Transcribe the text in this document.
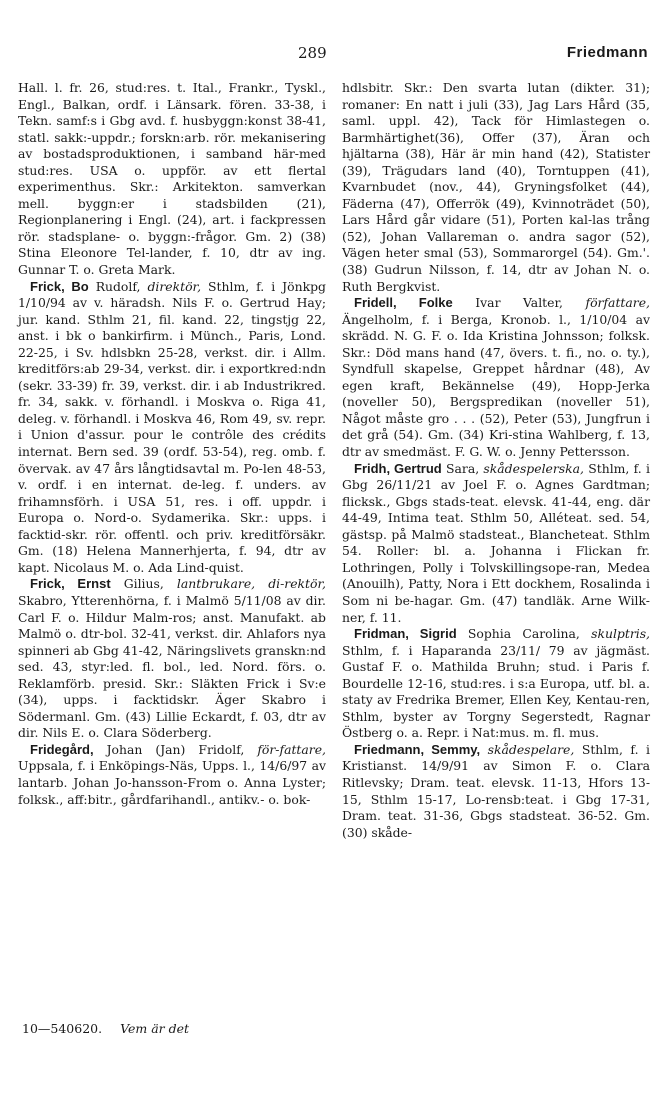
289	Friedmann

Hall. l. fr. 26, stud:res. t. Ital., Frankr., Tyskl., Engl., Balkan, ordf. i Länsark. fören. 33-38, i Tekn. samf:s i Gbg avd. f. husbyggn:konst 38-41, statl. sakk:-uppdr.; forskn:arb. rör. mekanisering av bostadsproduktionen, i samband här-med stud:res. USA o. uppför. av ett flertal experimenthus. Skr.: Arkitekton. samverkan mell. byggn:er i stadsbilden (21), Regionplanering i Engl. (24), art. i fackpressen rör. stadsplane- o. byggn:-frågor. Gm. 2) (38) Stina Eleonore Tel-lander, f. 10, dtr av ing. Gunnar T. o. Greta Mark.

Frick, Bo Rudolf, direktör, Sthlm, f. i Jönkpg 1/10/94 av v. häradsh. Nils F. o. Gertrud Hay; jur. kand. Sthlm 21, fil. kand. 22, tingstjg 22, anst. i bk o bankirfirm. i Münch., Paris, Lond. 22-25, i Sv. hdlsbkn 25-28, verkst. dir. i Allm. kreditförs:ab 29-34, verkst. dir. i exportkred:ndn (sekr. 33-39) fr. 39, verkst. dir. i ab Industrikred. fr. 34, sakk. v. förhandl. i Moskva o. Riga 41, deleg. v. förhandl. i Moskva 46, Rom 49, sv. repr. i Union d'assur. pour le contrôle des crédits internat. Bern sed. 39 (ordf. 53-54), reg. omb. f. övervak. av 47 års långtidsavtal m. Po-len 48-53, v. ordf. i en internat. de-leg. f. unders. av frihamnsförh. i USA 51, res. i off. uppdr. i Europa o. Nord-o. Sydamerika. Skr.: upps. i facktid-skr. rör. offentl. och priv. kreditförsäkr. Gm. (18) Helena Mannerhjerta, f. 94, dtr av kapt. Nicolaus M. o. Ada Lind-quist.

Frick, Ernst Gilius, lantbrukare, di-rektör, Skabro, Ytterenhörna, f. i Malmö 5/11/08 av dir. Carl F. o. Hildur Malm-ros; anst. Manufakt. ab Malmö o. dtr-bol. 32-41, verkst. dir. Ahlafors nya spinneri ab Gbg 41-42, Näringslivets granskn:nd sed. 43, styr:led. fl. bol., led. Nord. förs. o. Reklamförb. presid. Skr.: Släkten Frick i Sv:e (34), upps. i facktidskr. Äger Skabro i Södermanl. Gm. (43) Lillie Eckardt, f. 03, dtr av dir. Nils E. o. Clara Söderberg.

Fridegård, Johan (Jan) Fridolf, för-fattare, Uppsala, f. i Enköpings-Näs, Upps. l., 14/6/97 av lantarb. Johan Jo-hansson-From o. Anna Lyster; folksk., aff:bitr., gårdfarihandl., antikv.- o. bok-

hdlsbitr. Skr.: Den svarta lutan (dikter. 31); romaner: En natt i juli (33), Jag Lars Hård (35, saml. uppl. 42), Tack för Himlastegen o. Barmhärtighet(36), Offer (37), Äran och hjältarna (38), Här är min hand (42), Statister (39), Trägudars land (40), Torntuppen (41), Kvarnbudet (nov., 44), Gryningsfolket (44), Fäderna (47), Offerrök (49), Kvinnoträdet (50), Lars Hård går vidare (51), Porten kal-las trång (52), Johan Vallareman o. andra sagor (52), Vägen heter smal (53), Sommarorgel (54). Gm.'.(38) Gudrun Nilsson, f. 14, dtr av Johan N. o. Ruth Bergkvist.

Fridell, Folke Ivar Valter, författare, Ängelholm, f. i Berga, Kronob. l., 1/10/04 av skrädd. N. G. F. o. Ida Kristina Johnsson; folksk. Skr.: Död mans hand (47, övers. t. fi., no. o. ty.), Syndfull skapelse, Greppet hårdnar (48), Av egen kraft, Bekännelse (49), Hopp-Jerka (noveller 50), Bergspredikan (noveller 51), Något måste gro . . . (52), Peter (53), Jungfrun i det grå (54). Gm. (34) Kri-stina Wahlberg, f. 13, dtr av smedmäst. F. G. W. o. Jenny Pettersson.

Fridh, Gertrud Sara, skådespelerska, Sthlm, f. i Gbg 26/11/21 av Joel F. o. Agnes Gardtman; flicksk., Gbgs stads-teat. elevsk. 41-44, eng. där 44-49, Intima teat. Sthlm 50, Alléteat. sed. 54, gästsp. på Malmö stadsteat., Blancheteat. Sthlm 54. Roller: bl. a. Johanna i Flickan fr. Lothringen, Polly i Tolvskillingsope-ran, Medea (Anouilh), Patty, Nora i Ett dockhem, Rosalinda i Som ni be-hagar. Gm. (47) tandläk. Arne Wilk-ner, f. 11.

Fridman, Sigrid Sophia Carolina, skulptris, Sthlm, f. i Haparanda 23/11/ 79 av jägmäst. Gustaf F. o. Mathilda Bruhn; stud. i Paris f. Bourdelle 12-16, stud:res. i s:a Europa, utf. bl. a. staty av Fredrika Bremer, Ellen Key, Kentau-ren, Sthlm, byster av Torgny Segerstedt, Ragnar Östberg o. a. Repr. i Nat:mus. m. fl. mus.

Friedmann, Semmy, skådespelare, Sthlm, f. i Kristianst. 14/9/91 av Simon F. o. Clara Ritlevsky; Dram. teat. elevsk. 11-13, Hfors 13-15, Sthlm 15-17, Lo-rensb:teat. i Gbg 17-31, Dram. teat. 31-36, Gbgs stadsteat. 36-52. Gm. (30) skåde-

10—540620. Vem är det
